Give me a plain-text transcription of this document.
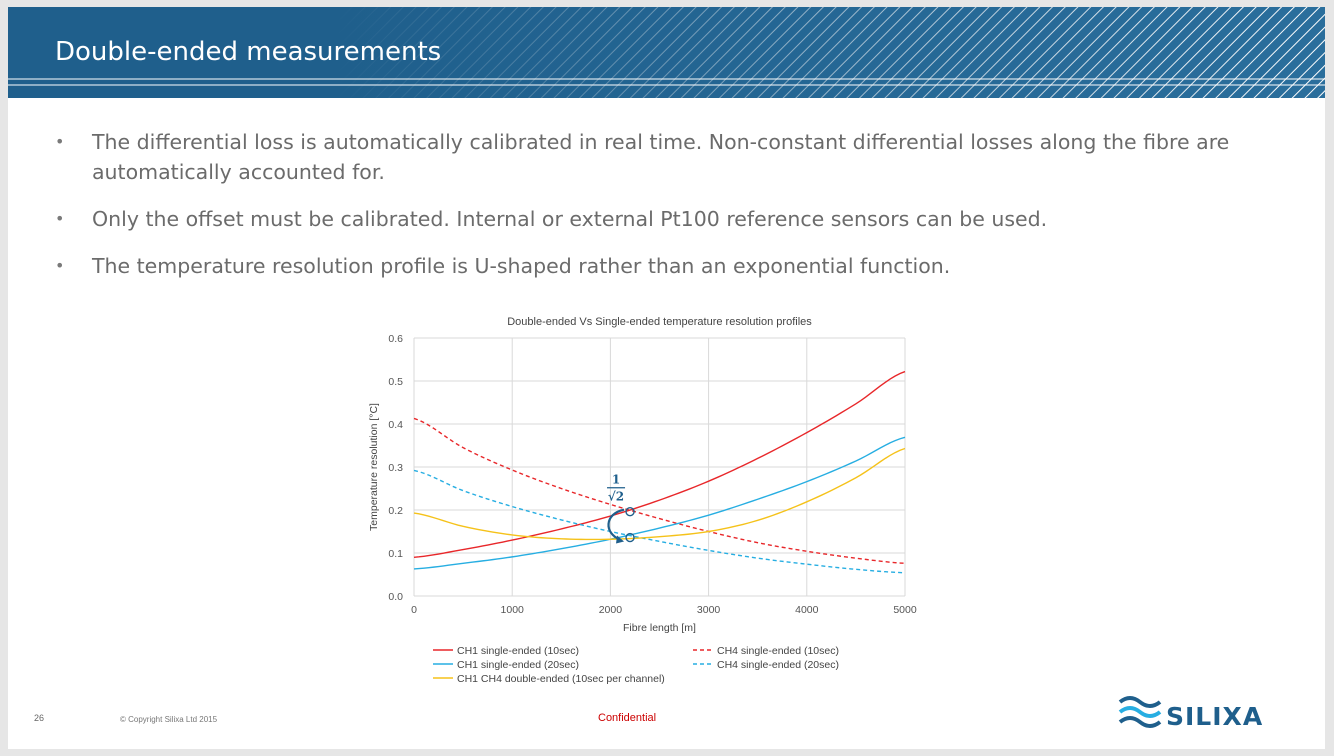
Double-ended measurements
• The differential loss is automatically calibrated in real time. Non-constant differential losses along the fibre are automatically accounted for.
• Only the offset must be calibrated. Internal or external Pt100 reference sensors can be used.
• The temperature resolution profile is U-shaped rather than an exponential function.
Double-ended Vs Single-ended temperature resolution profiles
0.0
0.1
0.2
0.3
0.4
0.5
0.6
0	1000	2000	3000	4000	5000
Fibre length [m]
Temperature resolution [°C]	1
√2
CH1 single-ended (10sec)	CH4 single-ended (10sec)
CH1 single-ended (20sec)	CH4 single-ended (20sec)
CH1 CH4 double-ended (10sec per channel)
26	© Copyright Silixa Ltd 2015	Confidential	SILIXA
